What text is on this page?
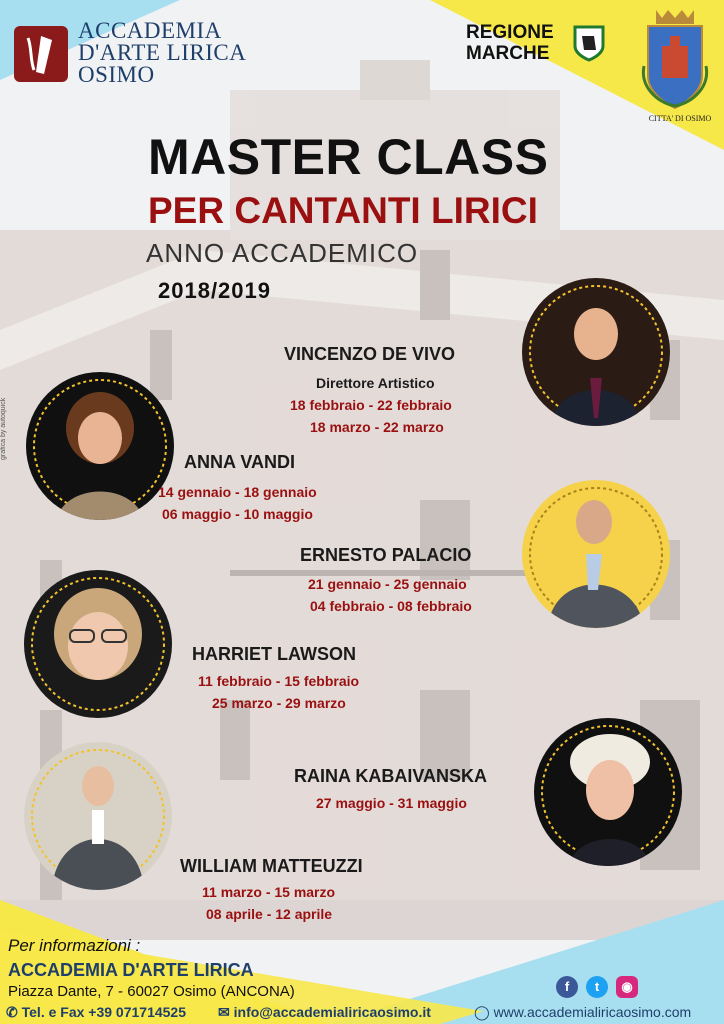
ACCADEMIA
D'ARTE LIRICA
OSIMO
REGIONE
MARCHE
CITTA' DI OSIMO
MASTER CLASS
PER CANTANTI LIRICI
ANNO ACCADEMICO
2018/2019
VINCENZO DE VIVO
Direttore Artistico
18 febbraio - 22 febbraio
18 marzo - 22 marzo
ANNA VANDI
14 gennaio - 18 gennaio
06 maggio - 10 maggio
ERNESTO PALACIO
21 gennaio - 25 gennaio
04 febbraio - 08 febbraio
HARRIET LAWSON
11 febbraio - 15 febbraio
25 marzo - 29 marzo
RAINA KABAIVANSKA
27 maggio - 31 maggio
WILLIAM MATTEUZZI
11 marzo - 15 marzo
08 aprile - 12 aprile
grafica by autoquick
Per informazioni :
ACCADEMIA D'ARTE LIRICA
Piazza Dante, 7 - 60027 Osimo (ANCONA)
✆ Tel. e Fax +39 071714525 ✉ info@accademialiricaosimo.it	◯ www.accademialiricaosimo.com
f	t	◉
